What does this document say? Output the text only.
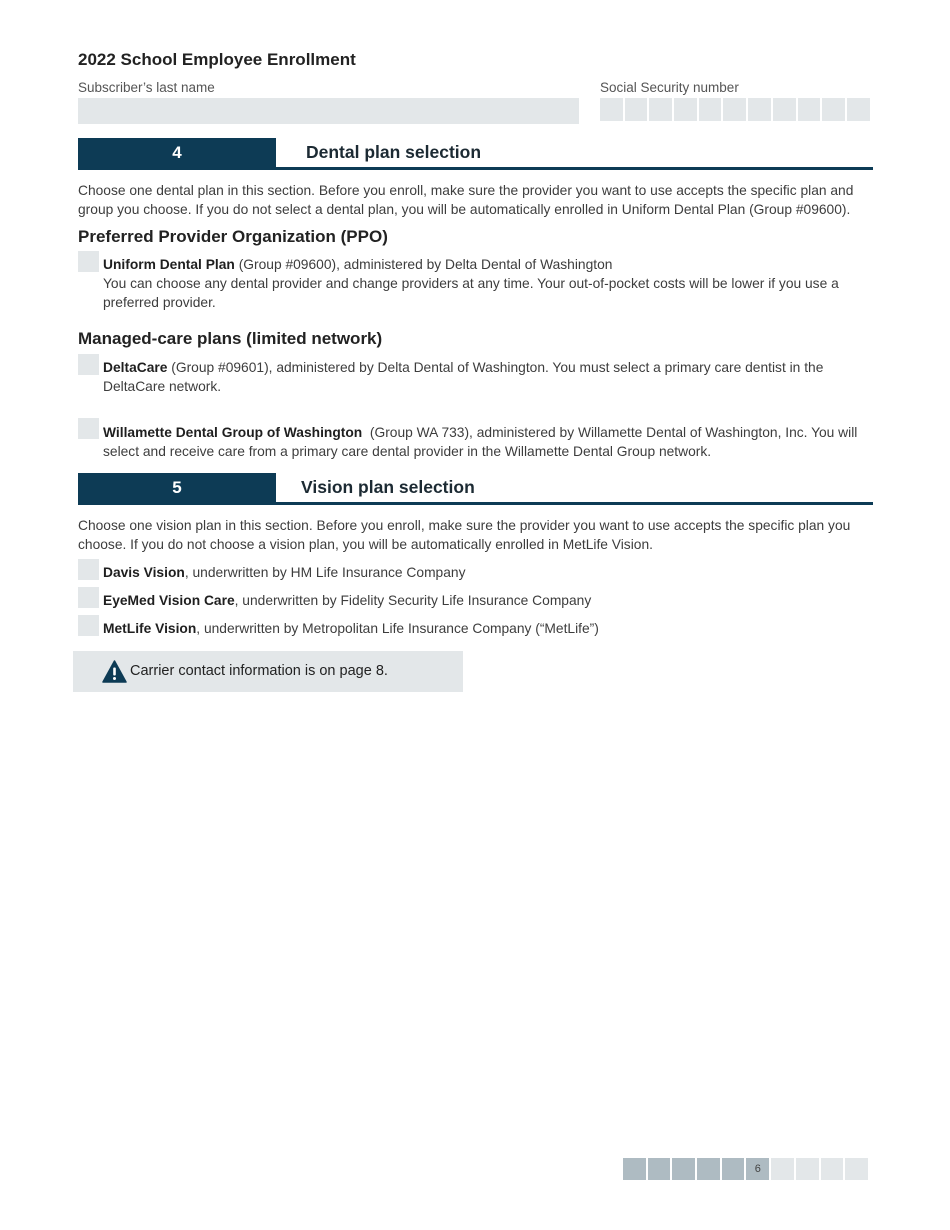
2022 School Employee Enrollment
Subscriber’s last name	Social Security number
4	Dental plan selection
Choose one dental plan in this section. Before you enroll, make sure the provider you want to use accepts the specific plan and group you choose. If you do not select a dental plan, you will be automatically enrolled in Uniform Dental Plan (Group #09600).
Preferred Provider Organization (PPO)
Uniform Dental Plan (Group #09600), administered by Delta Dental of Washington
You can choose any dental provider and change providers at any time. Your out-of-pocket costs will be lower if you use a preferred provider.
Managed-care plans (limited network)
DeltaCare (Group #09601), administered by Delta Dental of Washington. You must select a primary care dentist in the DeltaCare network.
Willamette Dental Group of Washington  (Group WA 733), administered by Willamette Dental of Washington, Inc. You will select and receive care from a primary care dental provider in the Willamette Dental Group network.
5	Vision plan selection
Choose one vision plan in this section. Before you enroll, make sure the provider you want to use accepts the specific plan you choose. If you do not choose a vision plan, you will be automatically enrolled in MetLife Vision.
Davis Vision, underwritten by HM Life Insurance Company
EyeMed Vision Care, underwritten by Fidelity Security Life Insurance Company
MetLife Vision, underwritten by Metropolitan Life Insurance Company (“MetLife”)
Carrier contact information is on page 8.
6
